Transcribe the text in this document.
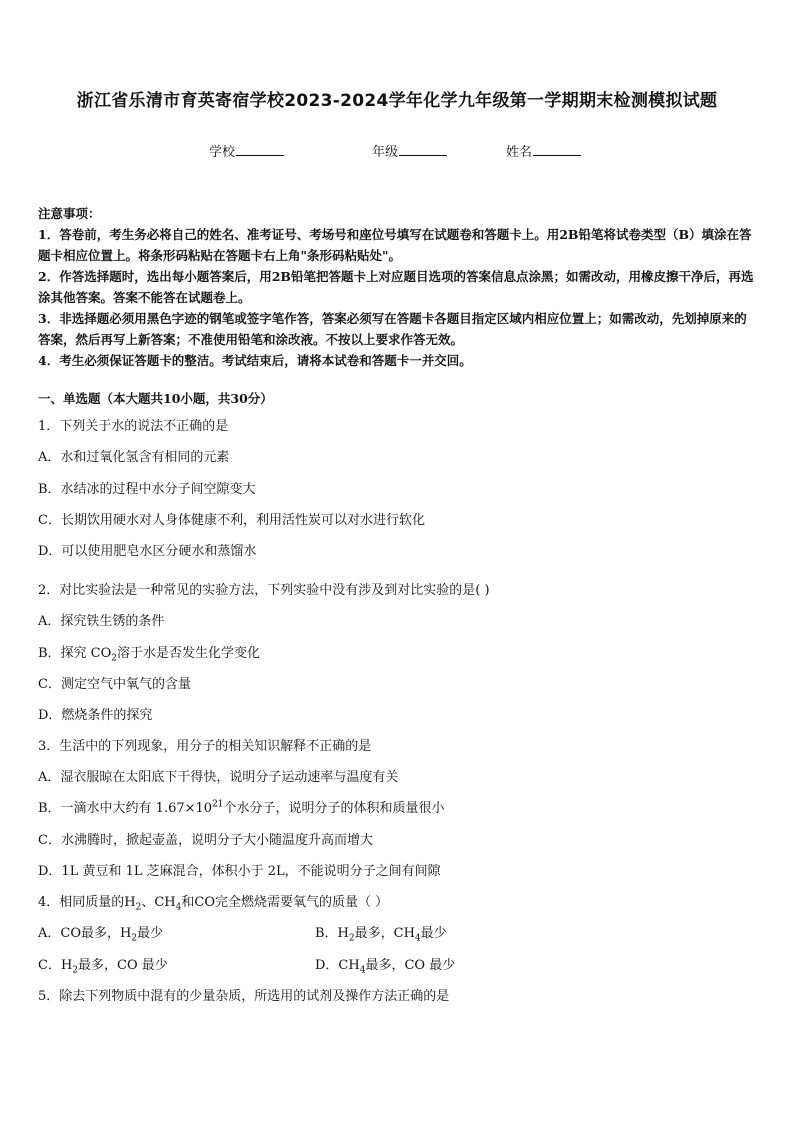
浙江省乐清市育英寄宿学校2023-2024学年化学九年级第一学期期末检测模拟试题
学校	年级	姓名

注意事项：

1．答卷前，考生务必将自己的姓名、准考证号、考场号和座位号填写在试题卷和答题卡上。用2B铅笔将试卷类型（B）填涂在答题卡相应位置上。将条形码粘贴在答题卡右上角"条形码粘贴处"。

2．作答选择题时，选出每小题答案后，用2B铅笔把答题卡上对应题目选项的答案信息点涂黑；如需改动，用橡皮擦干净后，再选涂其他答案。答案不能答在试题卷上。

3．非选择题必须用黑色字迹的钢笔或签字笔作答，答案必须写在答题卡各题目指定区域内相应位置上；如需改动，先划掉原来的答案，然后再写上新答案；不准使用铅笔和涂改液。不按以上要求作答无效。

4．考生必须保证答题卡的整洁。考试结束后，请将本试卷和答题卡一并交回。

一、单选题（本大题共10小题，共30分）
1．下列关于水的说法不正确的是
A．水和过氧化氢含有相同的元素
B．水结冰的过程中水分子间空隙变大
C．长期饮用硬水对人身体健康不利，利用活性炭可以对水进行软化
D．可以使用肥皂水区分硬水和蒸馏水
2．对比实验法是一种常见的实验方法，下列实验中没有涉及到对比实验的是( )
A．探究铁生锈的条件
B．探究 $CO_2$溶于水是否发生化学变化
C．测定空气中氧气的含量
D．燃烧条件的探究
3．生活中的下列现象，用分子的相关知识解释不正确的是
A．湿衣服晾在太阳底下干得快，说明分子运动速率与温度有关
B．一滴水中大约有 $1.67\times 10^{21}$个水分子，说明分子的体积和质量很小
C．水沸腾时，掀起壶盖，说明分子大小随温度升高而增大
D．1L 黄豆和 1L 芝麻混合，体积小于 2L，不能说明分子之间有间隙
4．相同质量的$H_2$、$CH_4$和CO完全燃烧需要氧气的质量（ ）
A．CO最多，$H_2$最少	B．$H_2$最多，$CH_4$最少
C．$H_2$最多，CO 最少	D．$CH_4$最多，CO 最少
5．除去下列物质中混有的少量杂质，所选用的试剂及操作方法正确的是
